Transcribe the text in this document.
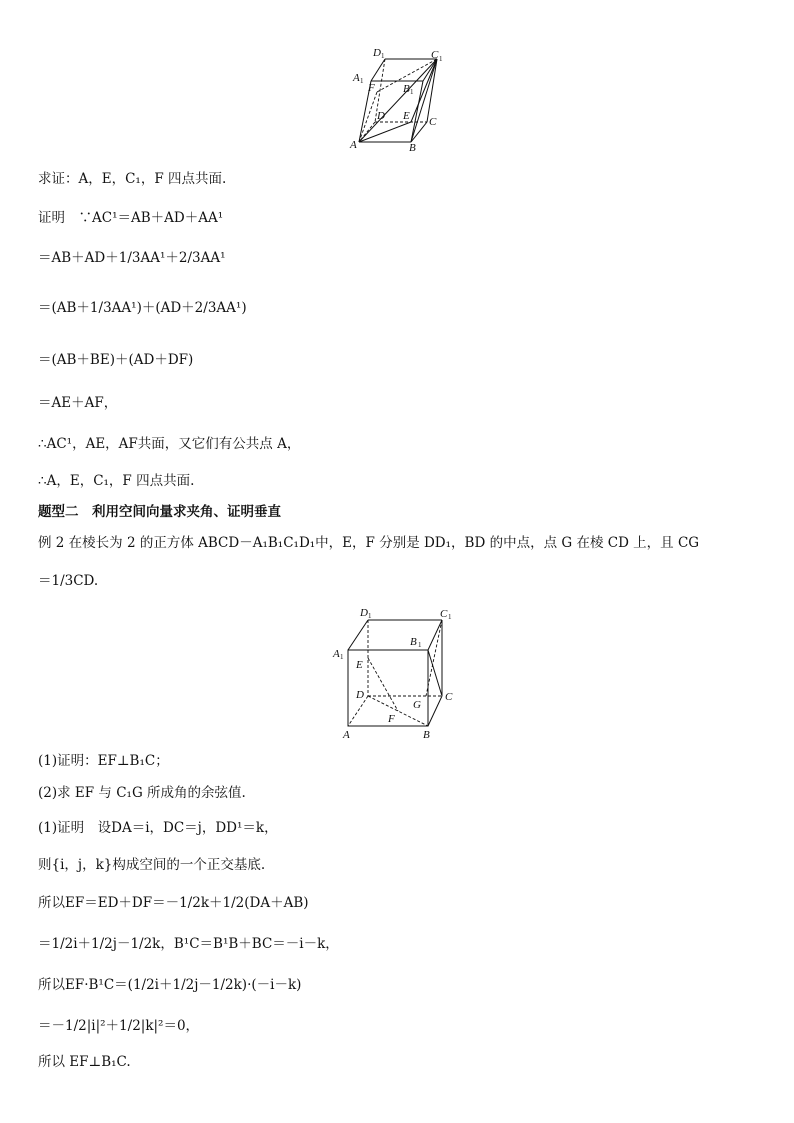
D 1	C 1
A 1
F	B 1
D E C
A	B
求证：A，E，C₁，F 四点共面.
证明　∵AC¹＝AB＋AD＋AA¹
＝AB＋AD＋1/3AA¹＋2/3AA¹
＝(AB＋1/3AA¹)＋(AD＋2/3AA¹)
＝(AB＋BE)＋(AD＋DF)
＝AE＋AF，
∴AC¹，AE，AF共面，又它们有公共点 A，
∴A，E，C₁，F 四点共面.
题型二　利用空间向量求夹角、证明垂直
例 2 在棱长为 2 的正方体 ABCD－A₁B₁C₁D₁中，E，F 分别是 DD₁，BD 的中点，点 G 在棱 CD 上，且 CG
＝1/3CD.
D 1	C 1
B 1
A 1
E
D
G
C
F
A	B
(1)证明：EF⊥B₁C；
(2)求 EF 与 C₁G 所成角的余弦值.
(1)证明　设DA＝i，DC＝j，DD¹＝k，
则{i，j，k}构成空间的一个正交基底.
所以EF＝ED＋DF＝－1/2k＋1/2(DA＋AB)
＝1/2i＋1/2j－1/2k，B¹C＝B¹B＋BC＝－i－k，
所以EF·B¹C＝(1/2i＋1/2j－1/2k)·(－i－k)
＝－1/2|i|²＋1/2|k|²＝0，
所以 EF⊥B₁C.
